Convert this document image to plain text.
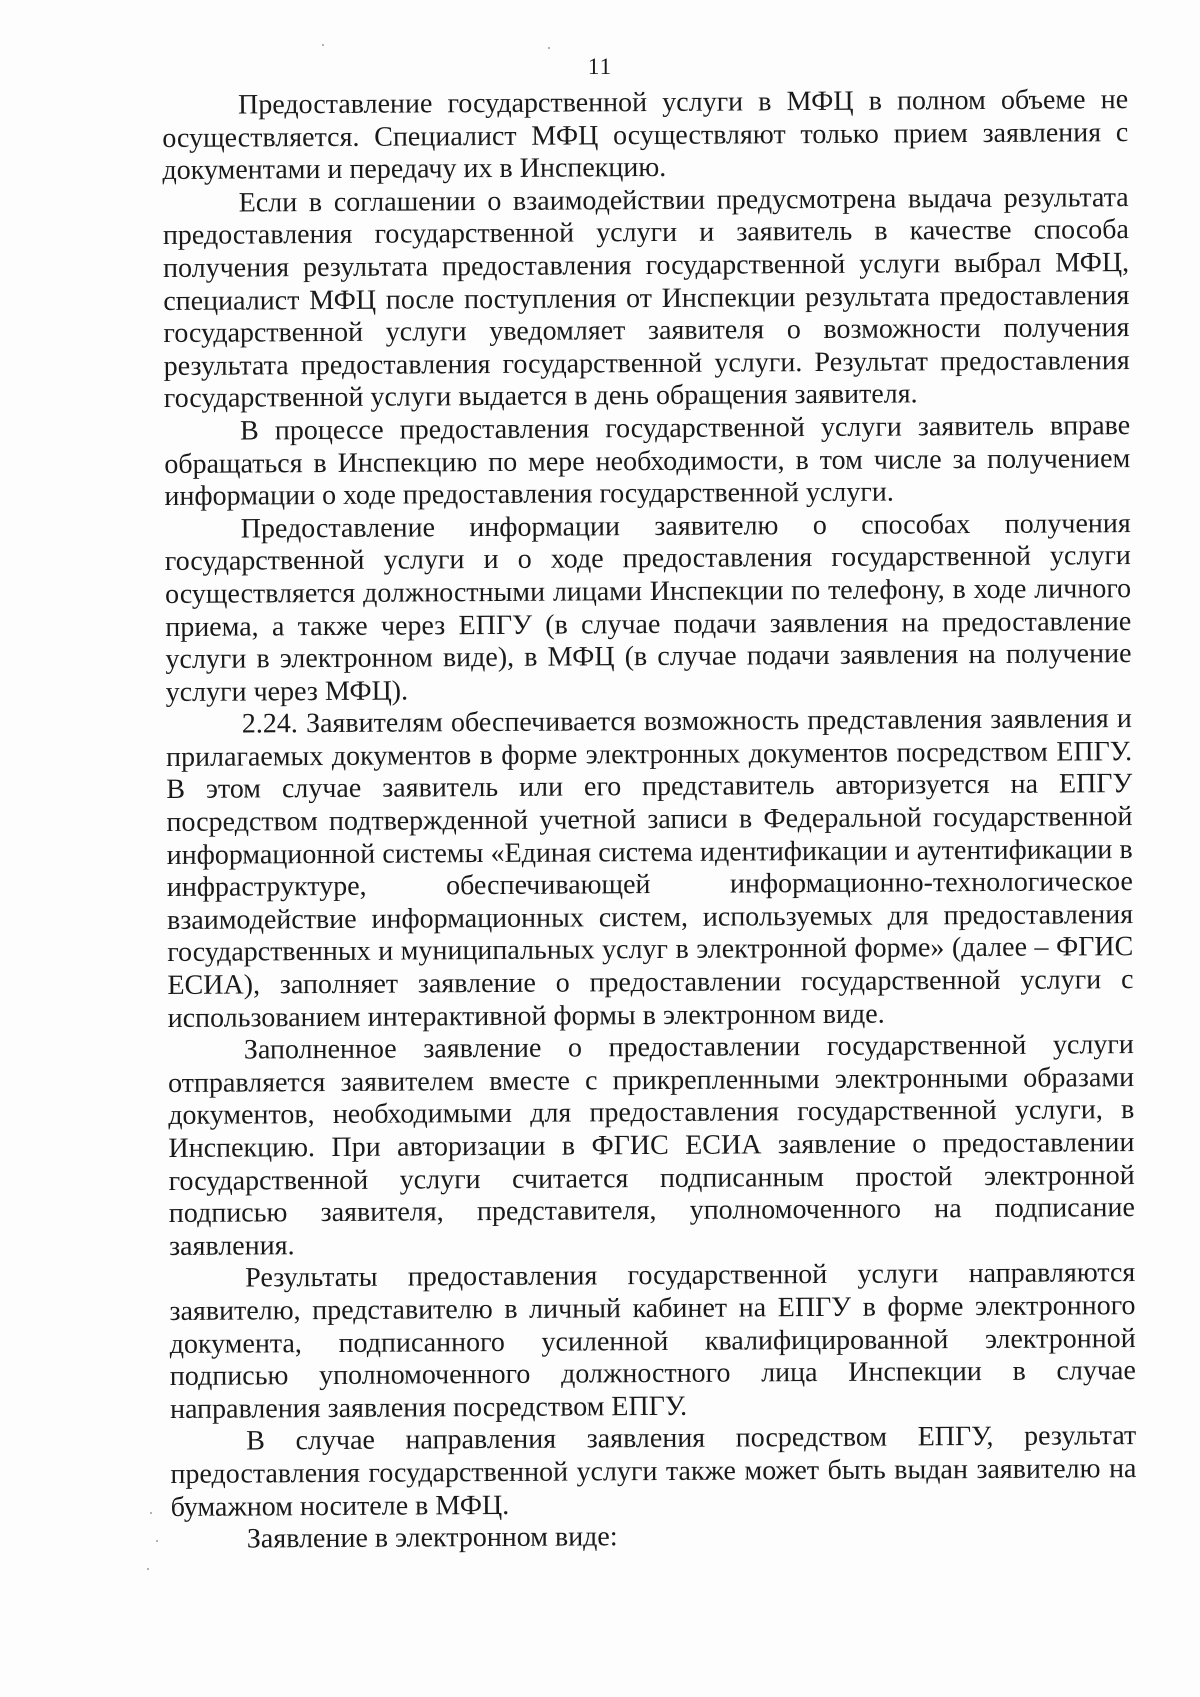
11

Предоставление государственной услуги в МФЦ в полном объеме не осуществляется. Специалист МФЦ осуществляют только прием заявления с документами и передачу их в Инспекцию.

Если в соглашении о взаимодействии предусмотрена выдача результата предоставления государственной услуги и заявитель в качестве способа получения результата предоставления государственной услуги выбрал МФЦ, специалист МФЦ после поступления от Инспекции результата предоставления государственной услуги уведомляет заявителя о возможности получения результата предоставления государственной услуги. Результат предоставления государственной услуги выдается в день обращения заявителя.

В процессе предоставления государственной услуги заявитель вправе обращаться в Инспекцию по мере необходимости, в том числе за получением информации о ходе предоставления государственной услуги.

Предоставление информации заявителю о способах получения государственной услуги и о ходе предоставления государственной услуги осуществляется должностными лицами Инспекции по телефону, в ходе личного приема, а также через ЕПГУ (в случае подачи заявления на предоставление услуги в электронном виде), в МФЦ (в случае подачи заявления на получение услуги через МФЦ).

2.24. Заявителям обеспечивается возможность представления заявления и прилагаемых документов в форме электронных документов посредством ЕПГУ. В этом случае заявитель или его представитель авторизуется на ЕПГУ посредством подтвержденной учетной записи в Федеральной государственной информационной системы «Единая система идентификации и аутентификации в инфраструктуре, обеспечивающей информационно-технологическое взаимодействие информационных систем, используемых для предоставления государственных и муниципальных услуг в электронной форме» (далее – ФГИС ЕСИА), заполняет заявление о предоставлении государственной услуги с использованием интерактивной формы в электронном виде.

Заполненное заявление о предоставлении государственной услуги отправляется заявителем вместе с прикрепленными электронными образами документов, необходимыми для предоставления государственной услуги, в Инспекцию. При авторизации в ФГИС ЕСИА заявление о предоставлении государственной услуги считается подписанным простой электронной подписью заявителя, представителя, уполномоченного на подписание заявления.

Результаты предоставления государственной услуги направляются заявителю, представителю в личный кабинет на ЕПГУ в форме электронного документа, подписанного усиленной квалифицированной электронной подписью уполномоченного должностного лица Инспекции в случае направления заявления посредством ЕПГУ.

В случае направления заявления посредством ЕПГУ, результат предоставления государственной услуги также может быть выдан заявителю на бумажном носителе в МФЦ.

Заявление в электронном виде:
